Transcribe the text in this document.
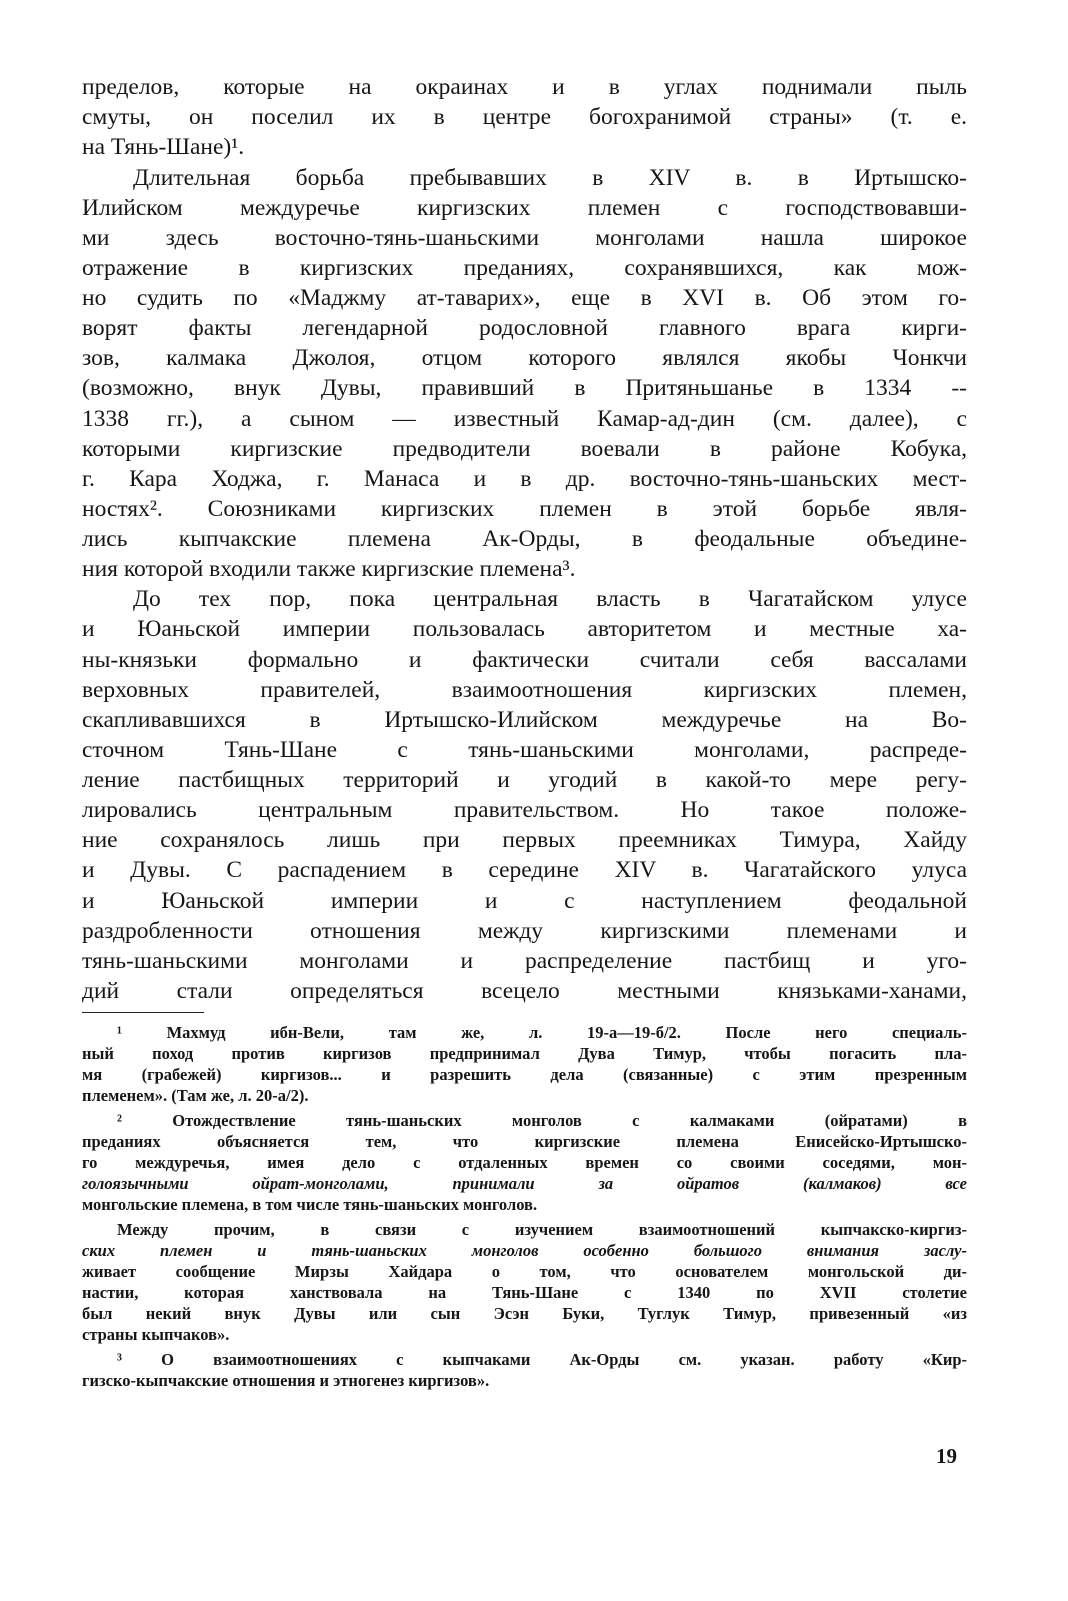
пределов, которые на окраинах и в углах поднимали пыль
смуты, он поселил их в центре богохранимой страны» (т. е.
на Тянь-Шане)¹.
Длительная борьба пребывавших в XIV в. в Иртышско-
Илийском междуречье киргизских племен с господствовавши-
ми здесь восточно-тянь-шаньскими монголами нашла широкое
отражение в киргизских преданиях, сохранявшихся, как мож-
но судить по «Маджму ат-таварих», еще в XVI в. Об этом го-
ворят факты легендарной родословной главного врага кирги-
зов, калмака Джолоя, отцом которого являлся якобы Чонкчи
(возможно, внук Дувы, правивший в Притяньшанье в 1334 --
1338 гг.), а сыном — известный Камар-ад-дин (см. далее), с
которыми киргизские предводители воевали в районе Кобука,
г. Кара Ходжа, г. Манаса и в др. восточно-тянь-шаньских мест-
ностях². Союзниками киргизских племен в этой борьбе явля-
лись кыпчакские племена Ак-Орды, в феодальные объедине-
ния которой входили также киргизские племена³.
До тех пор, пока центральная власть в Чагатайском улусе
и Юаньской империи пользовалась авторитетом и местные ха-
ны-князьки формально и фактически считали себя вассалами
верховных правителей, взаимоотношения киргизских племен,
скапливавшихся в Иртышско-Илийском междуречье на Во-
сточном Тянь-Шане с тянь-шаньскими монголами, распреде-
ление пастбищных территорий и угодий в какой-то мере регу-
лировались центральным правительством. Но такое положе-
ние сохранялось лишь при первых преемниках Тимура, Хайду
и Дувы. С распадением в середине XIV в. Чагатайского улуса
и Юаньской империи и с наступлением феодальной
раздробленности отношения между киргизскими племенами и
тянь-шаньскими монголами и распределение пастбищ и уго-
дий стали определяться всецело местными князьками-ханами,
¹ Махмуд ибн-Вели, там же, л. 19-а—19-б/2. После него специаль-
ный поход против киргизов предпринимал Дува Тимур, чтобы погасить пла-
мя (грабежей) киргизов... и разрешить дела (связанные) с этим презренным
племенем». (Там же, л. 20-а/2).
² Отождествление тянь-шаньских монголов с калмаками (ойратами) в
преданиях объясняется тем, что киргизские племена Енисейско-Иртышско-
го междуречья, имея дело с отдаленных времен со своими соседями, мон-
голоязычными ойрат-монголами, принимали за ойратов (калмаков) все
монгольские племена, в том числе тянь-шаньских монголов.
Между прочим, в связи с изучением взаимоотношений кыпчакско-киргиз-
ских племен и тянь-шаньских монголов особенно большого внимания заслу-
живает сообщение Мирзы Хайдара о том, что основателем монгольской ди-
настии, которая ханствовала на Тянь-Шане с 1340 по XVII столетие
был некий внук Дувы или сын Эсэн Буки, Туглук Тимур, привезенный «из
страны кыпчаков».
³ О взаимоотношениях с кыпчаками Ак-Орды см. указан. работу «Кир-
гизско-кыпчакские отношения и этногенез киргизов».
19
